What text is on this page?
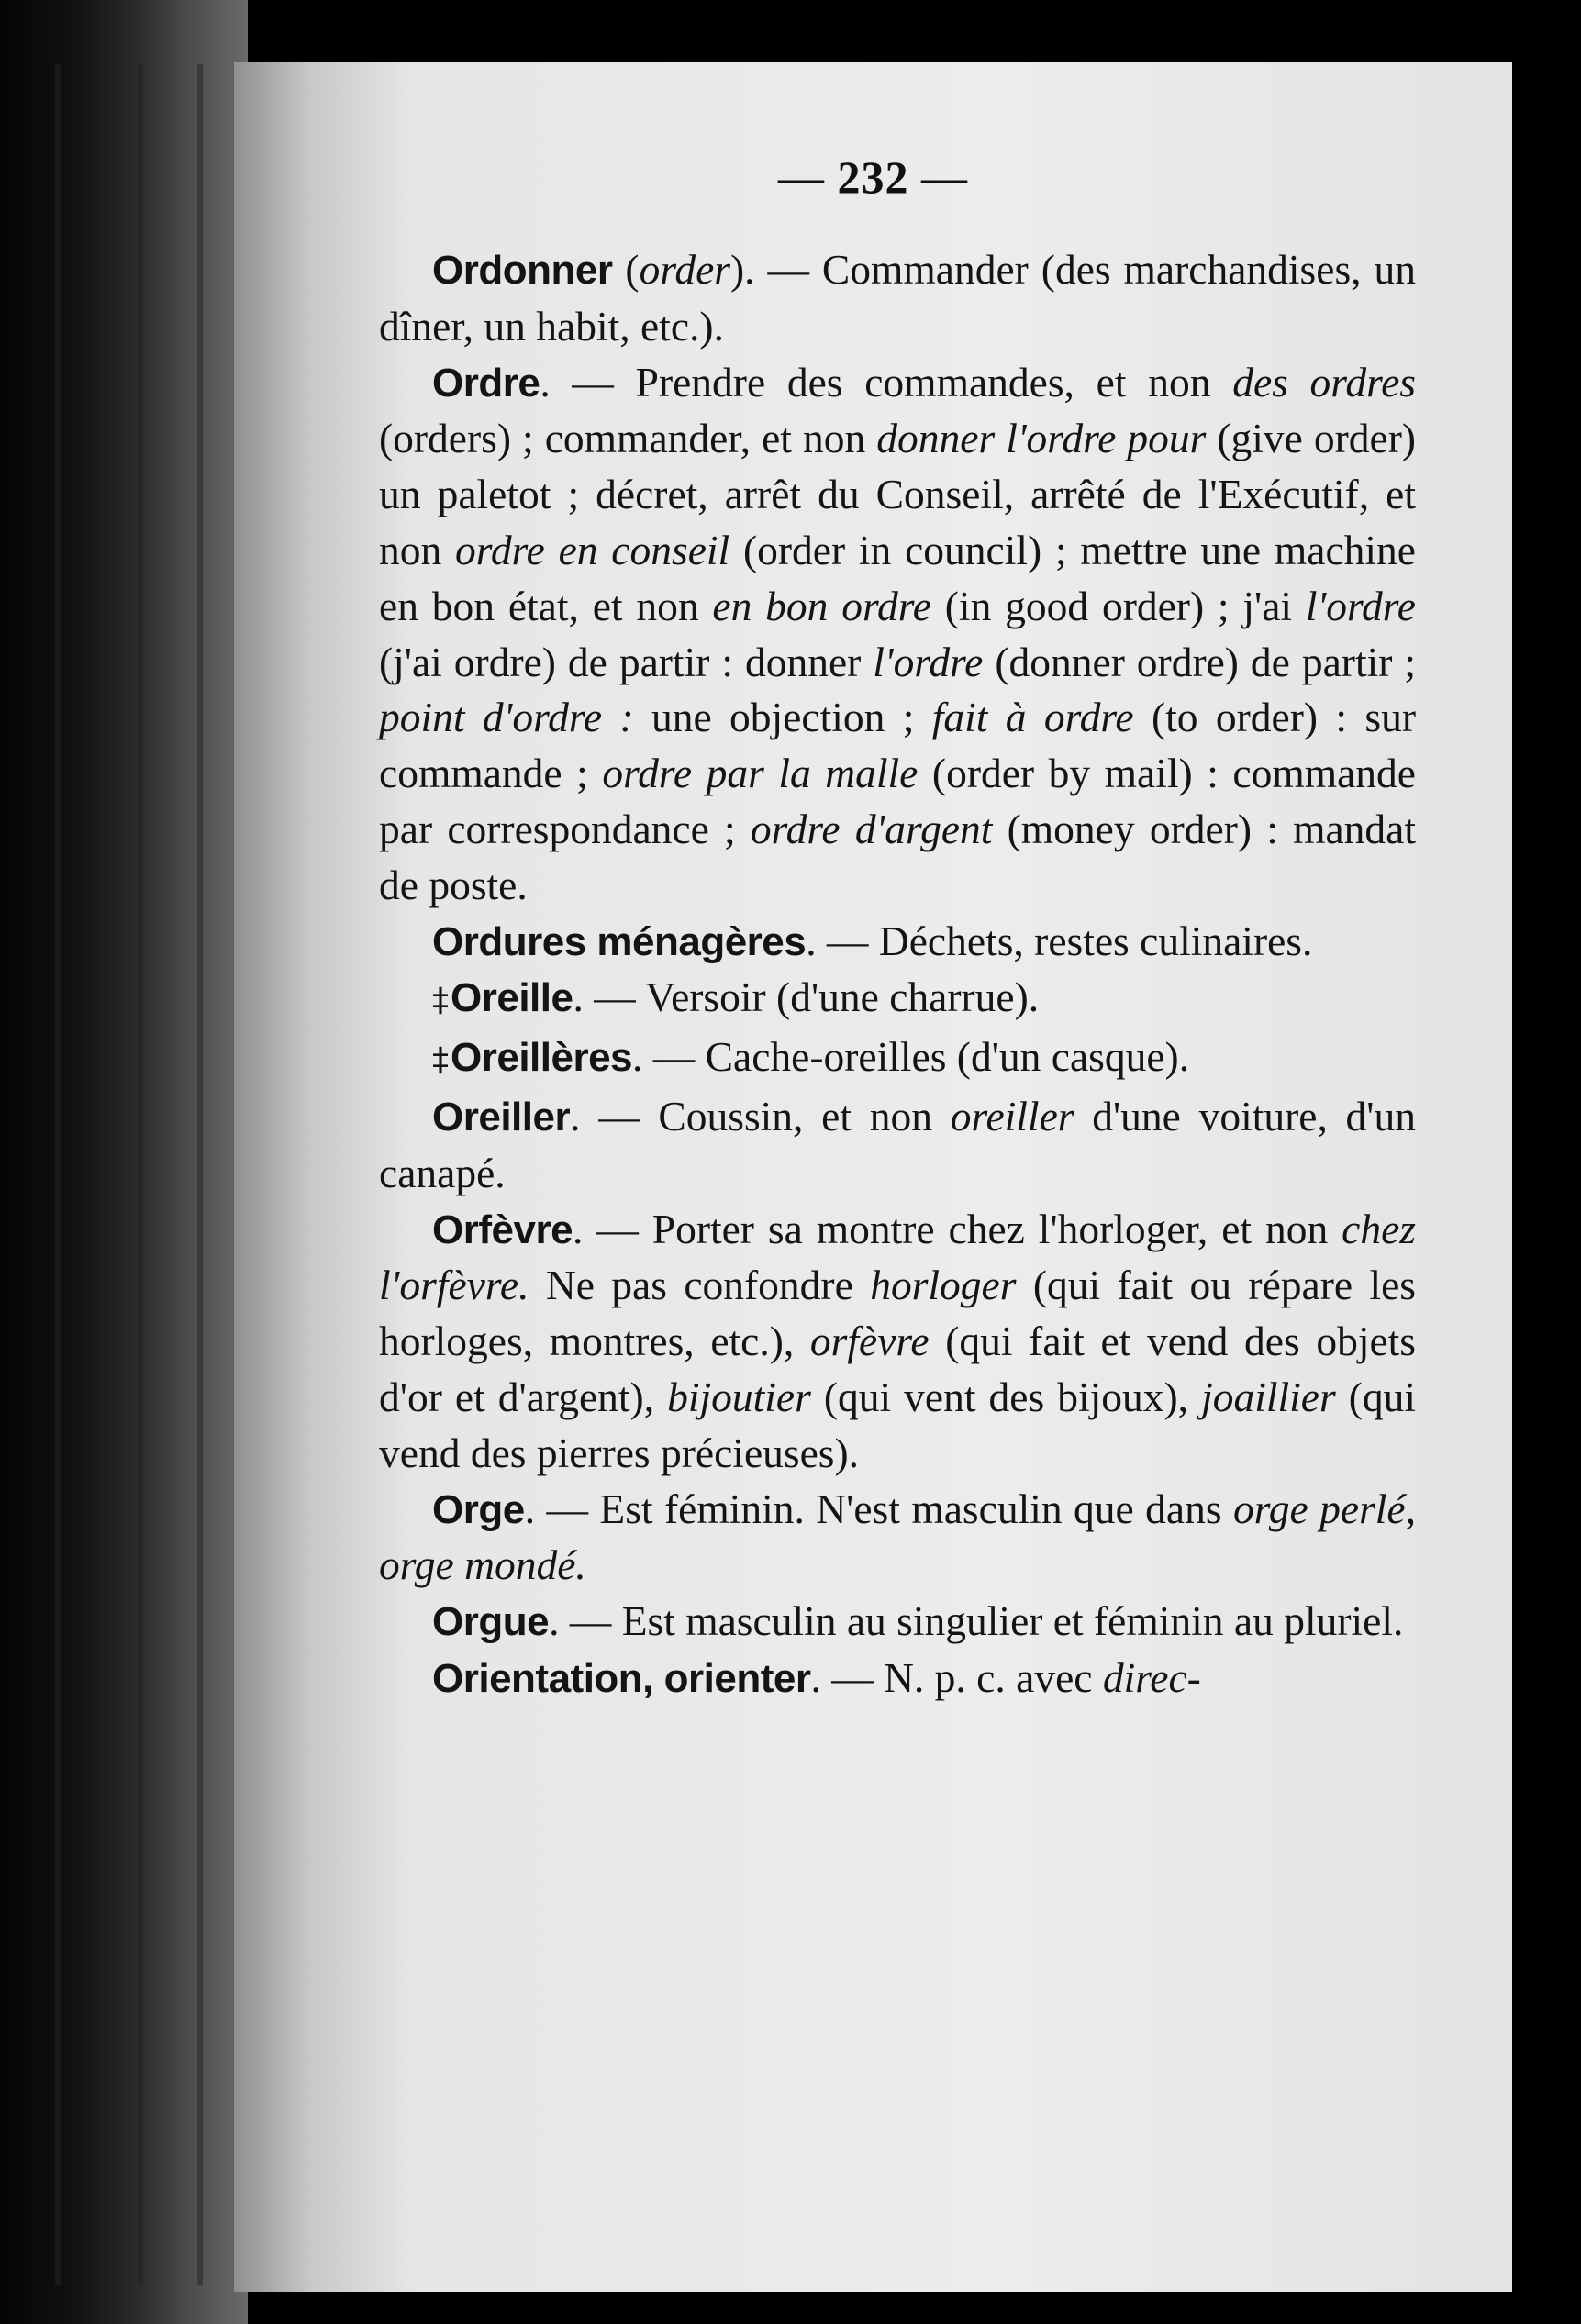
— 232 —

Ordonner (order). — Commander (des marchandises, un dîner, un habit, etc.).

Ordre. — Prendre des commandes, et non des ordres (orders) ; commander, et non donner l'ordre pour (give order) un paletot ; décret, arrêt du Conseil, arrêté de l'Exécutif, et non ordre en conseil (order in council) ; mettre une machine en bon état, et non en bon ordre (in good order) ; j'ai l'ordre (j'ai ordre) de partir : donner l'ordre (donner ordre) de partir ; point d'ordre : une objection ; fait à ordre (to order) : sur commande ; ordre par la malle (order by mail) : commande par correspondance ; ordre d'argent (money order) : mandat de poste.

Ordures ménagères. — Déchets, restes culinaires.

‡Oreille. — Versoir (d'une charrue).

‡Oreillères. — Cache-oreilles (d'un casque).

Oreiller. — Coussin, et non oreiller d'une voiture, d'un canapé.

Orfèvre. — Porter sa montre chez l'horloger, et non chez l'orfèvre. Ne pas confondre horloger (qui fait ou répare les horloges, montres, etc.), orfèvre (qui fait et vend des objets d'or et d'argent), bijoutier (qui vent des bijoux), joaillier (qui vend des pierres précieuses).

Orge. — Est féminin. N'est masculin que dans orge perlé, orge mondé.

Orgue. — Est masculin au singulier et féminin au pluriel.

Orientation, orienter. — N. p. c. avec direc-
